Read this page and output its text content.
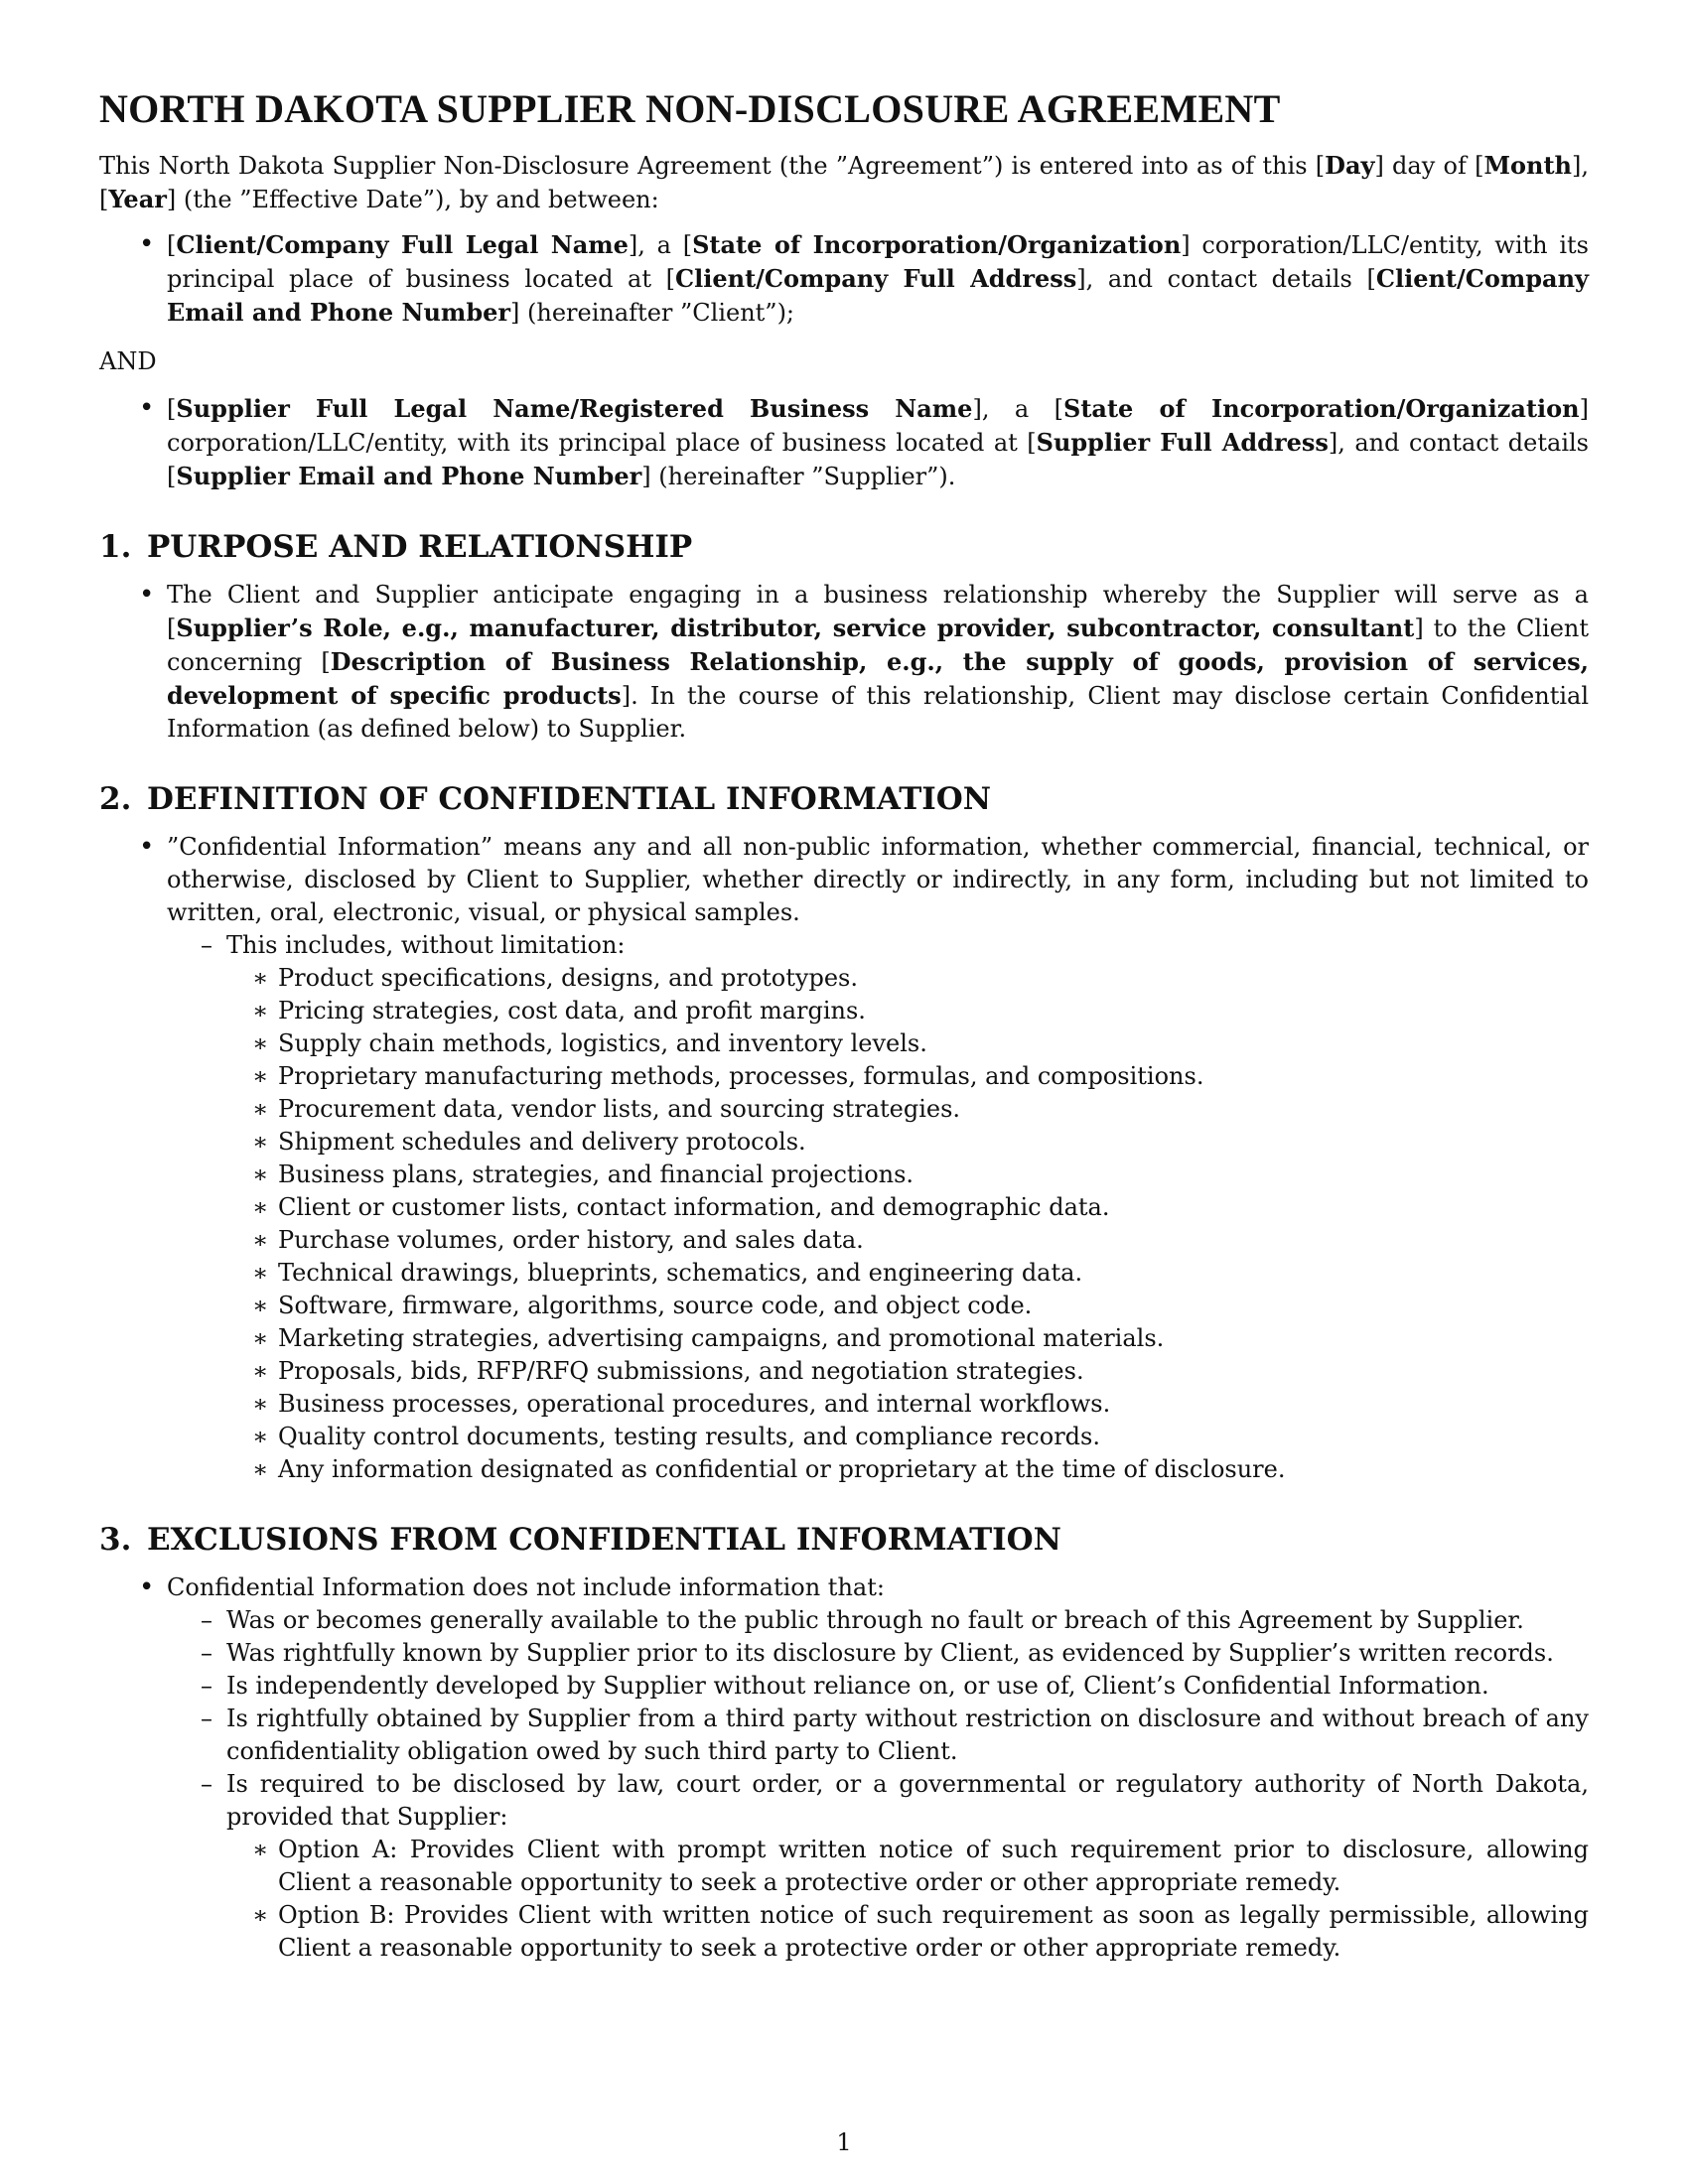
NORTH DAKOTA SUPPLIER NON-DISCLOSURE AGREEMENT

This North Dakota Supplier Non-Disclosure Agreement (the ”Agreement”) is entered into as of this [Day] day of [Month], [Year] (the ”Effective Date”), by and between:

• [Client/Company Full Legal Name], a [State of Incorporation/Organization] corporation/LLC/entity, with its principal place of business located at [Client/Company Full Address], and contact details [Client/Company Email and Phone Number] (hereinafter ”Client”);

AND

• [Supplier Full Legal Name/Registered Business Name], a [State of Incorporation/Organization] corporation/LLC/entity, with its principal place of business located at [Supplier Full Address], and contact details [Supplier Email and Phone Number] (hereinafter ”Supplier”).
1. PURPOSE AND RELATIONSHIP
• The Client and Supplier anticipate engaging in a business relationship whereby the Supplier will serve as a [Supplier’s Role, e.g., manufacturer, distributor, service provider, subcontractor, consultant] to the Client concerning [Description of Business Relationship, e.g., the supply of goods, provision of services, development of specific products]. In the course of this relationship, Client may disclose certain Confidential Information (as defined below) to Supplier.
2. DEFINITION OF CONFIDENTIAL INFORMATION
• ”Confidential Information” means any and all non-public information, whether commercial, financial, technical, or otherwise, disclosed by Client to Supplier, whether directly or indirectly, in any form, including but not limited to written, oral, electronic, visual, or physical samples.
– This includes, without limitation:
∗ Product specifications, designs, and prototypes.
∗ Pricing strategies, cost data, and profit margins.
∗ Supply chain methods, logistics, and inventory levels.
∗ Proprietary manufacturing methods, processes, formulas, and compositions.
∗ Procurement data, vendor lists, and sourcing strategies.
∗ Shipment schedules and delivery protocols.
∗ Business plans, strategies, and financial projections.
∗ Client or customer lists, contact information, and demographic data.
∗ Purchase volumes, order history, and sales data.
∗ Technical drawings, blueprints, schematics, and engineering data.
∗ Software, firmware, algorithms, source code, and object code.
∗ Marketing strategies, advertising campaigns, and promotional materials.
∗ Proposals, bids, RFP/RFQ submissions, and negotiation strategies.
∗ Business processes, operational procedures, and internal workflows.
∗ Quality control documents, testing results, and compliance records.
∗ Any information designated as confidential or proprietary at the time of disclosure.
3. EXCLUSIONS FROM CONFIDENTIAL INFORMATION
• Confidential Information does not include information that:
– Was or becomes generally available to the public through no fault or breach of this Agreement by Supplier.
– Was rightfully known by Supplier prior to its disclosure by Client, as evidenced by Supplier’s written records.
– Is independently developed by Supplier without reliance on, or use of, Client’s Confidential Information.
– Is rightfully obtained by Supplier from a third party without restriction on disclosure and without breach of any confidentiality obligation owed by such third party to Client.
– Is required to be disclosed by law, court order, or a governmental or regulatory authority of North Dakota, provided that Supplier:
∗ Option A: Provides Client with prompt written notice of such requirement prior to disclosure, allowing Client a reasonable opportunity to seek a protective order or other appropriate remedy.
∗ Option B: Provides Client with written notice of such requirement as soon as legally permissible, allowing Client a reasonable opportunity to seek a protective order or other appropriate remedy.
1
